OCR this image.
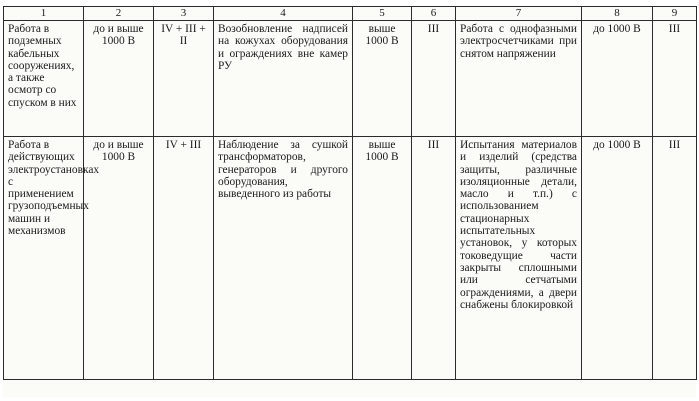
1	2	3	4	5	6	7	8	9
Работа в подземных кабельных сооружениях, а также осмотр со спуском в них	до и выше 1000 В	IV + III + II	Возобновление надписей на кожухах оборудования и ограждениях вне камер РУ	выше 1000 В	III	Работа с однофазными электросчетчиками при снятом напряжении	до 1000 В	III
Работа в действующих электроустановках с применением грузоподъемных машин и механизмов	до и выше 1000 В	IV + III	Наблюдение за сушкой трансформаторов, генераторов и другого оборудования, выведенного из работы	выше 1000 В	III	Испытания материалов и изделий (средства защиты, различные изоляционные детали, масло и т.п.) с использованием стационарных испытательных установок, у которых токоведущие части закрыты сплошными или сетчатыми ограждениями, а двери снабжены блокировкой	до 1000 В	III
